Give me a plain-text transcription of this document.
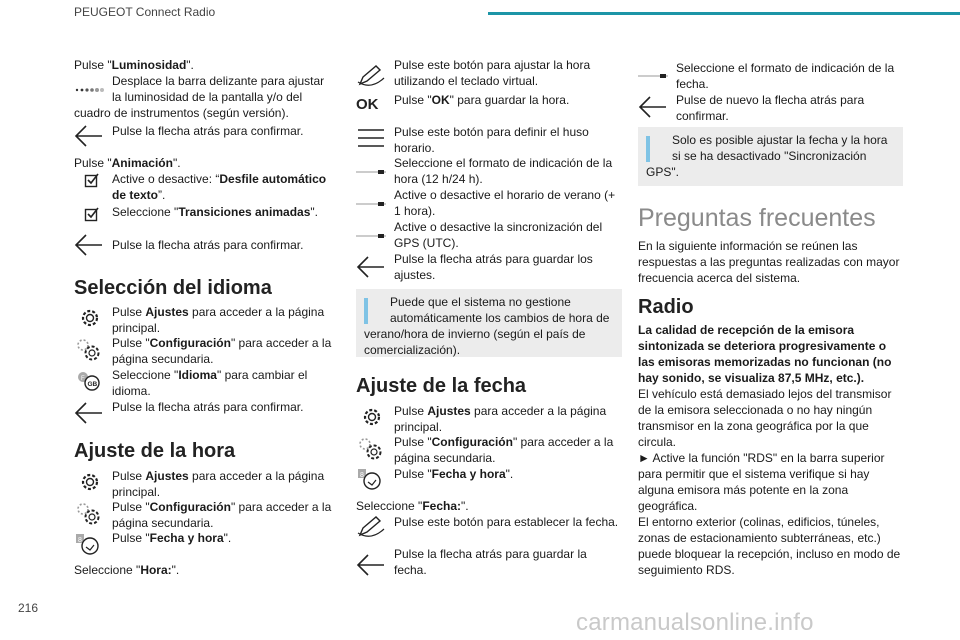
PEUGEOT Connect Radio
Pulse "Luminosidad".
Desplace la barra delizante para ajustar
la luminosidad de la pantalla y/o del
cuadro de instrumentos (según versión).
Pulse la flecha atrás para confirmar.
Pulse "Animación".
Active o desactive: “Desfile automático de texto”.
Seleccione "Transiciones animadas".
Pulse la flecha atrás para confirmar.
Selección del idioma
Pulse Ajustes para acceder a la página principal.
Pulse "Configuración" para acceder a la página secundaria.
F
GB
Seleccione "Idioma" para cambiar el idioma.
Pulse la flecha atrás para confirmar.
Ajuste de la hora
Pulse Ajustes para acceder a la página principal.
Pulse "Configuración" para acceder a la página secundaria.
8	Pulse "Fecha y hora".
Seleccione "Hora:".
Pulse este botón para ajustar la hora utilizando el teclado virtual.
OK	Pulse "OK" para guardar la hora.
Pulse este botón para definir el huso horario.
Seleccione el formato de indicación de la hora (12 h/24 h).
Active o desactive el horario de verano (+ 1 hora).
Active o desactive la sincronización del GPS (UTC).
Pulse la flecha atrás para guardar los ajustes.
Puede que el sistema no gestione
automáticamente los cambios de hora de
verano/hora de invierno (según el país de
comercialización).
Ajuste de la fecha
Pulse Ajustes para acceder a la página principal.
Pulse "Configuración" para acceder a la página secundaria.
8	Pulse "Fecha y hora".
Seleccione "Fecha:".
Pulse este botón para establecer la fecha.
Pulse la flecha atrás para guardar la fecha.
Seleccione el formato de indicación de la fecha.
Pulse de nuevo la flecha atrás para confirmar.
Solo es posible ajustar la fecha y la hora
si se ha desactivado "Sincronización
GPS".
Preguntas frecuentes
En la siguiente información se reúnen las respuestas a las preguntas realizadas con mayor frecuencia acerca del sistema.
Radio
La calidad de recepción de la emisora sintonizada se deteriora progresivamente o las emisoras memorizadas no funcionan (no hay sonido, se visualiza 87,5 MHz, etc.).
El vehículo está demasiado lejos del transmisor de la emisora seleccionada o no hay ningún transmisor en la zona geográfica por la que circula.
► Active la función "RDS" en la barra superior para permitir que el sistema verifique si hay alguna emisora más potente en la zona geográfica.
El entorno exterior (colinas, edificios, túneles, zonas de estacionamiento subterráneas, etc.) puede bloquear la recepción, incluso en modo de seguimiento RDS.
216
carmanualsonline.info
